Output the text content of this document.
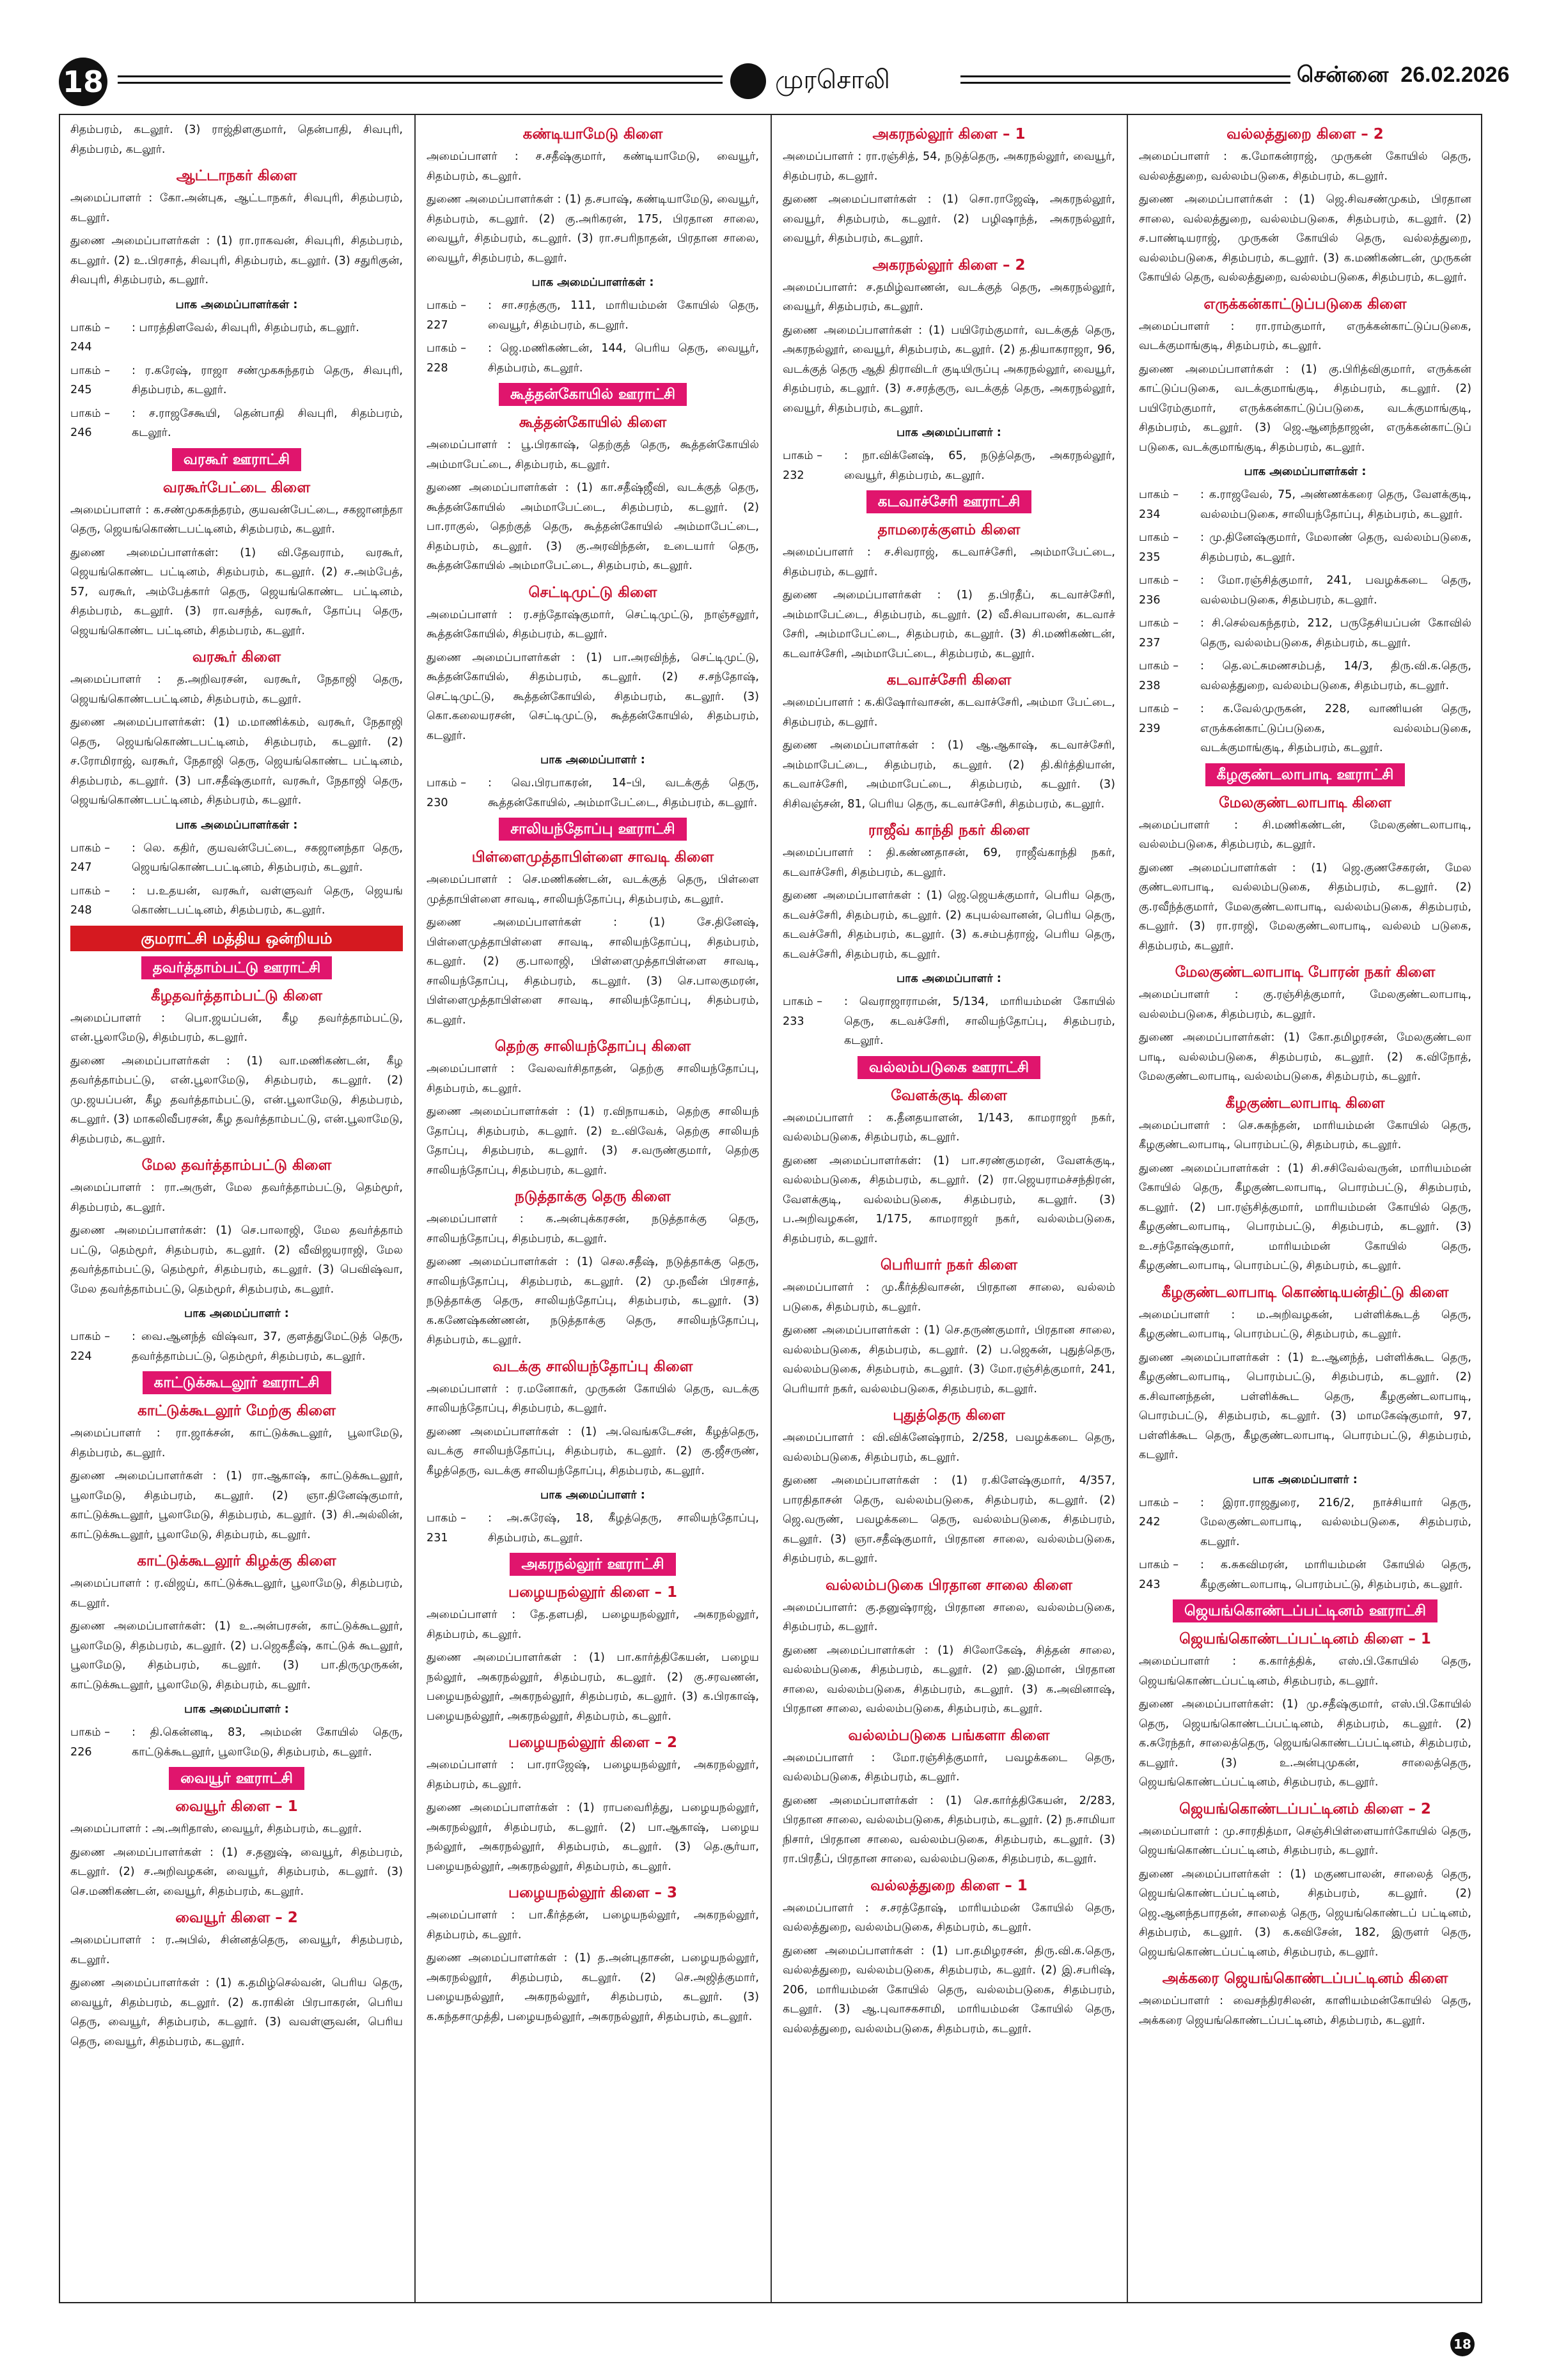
18	முரசொலி	சென்னை 26.02.2026

சிதம்பரம், கடலூர். (3) ராஜ்திளகுமார், தென்பாதி, சிவபுரி, சிதம்பரம், கடலூர்.

ஆட்டாநகர் கிளை

அமைப்பாளர் : கோ.அன்புக, ஆட்டாநகர், சிவபுரி, சிதம்பரம், கடலூர்.

துணை அமைப்பாளர்கள் : (1) ரா.ராகவன், சிவபுரி, சிதம்பரம், கடலூர். (2) உ.பிரசாத், சிவபுரி, சிதம்பரம், கடலூர். (3) சதுரிகுன், சிவபுரி, சிதம்பரம், கடலூர்.

பாக அமைப்பாளர்கள் :
பாகம் – 244
: பாரத்திளவேல், சிவபுரி, சிதம்பரம், கடலூர்.
பாகம் – 245
: ர.கரேஷ், ராஜா சண்முகசுந்தரம் தெரு, சிவபுரி, சிதம்பரம், கடலூர்.
பாகம் – 246
: ச.ராஜசேகூயி, தென்பாதி சிவபுரி, சிதம்பரம், கடலூர்.
வரகூர் ஊராட்சி
வரகூர்பேட்டை கிளை

அமைப்பாளர் : க.சண்முகசுந்தரம், குயவன்பேட்டை, சகஜானந்தா தெரு, ஜெயங்கொண்டபட்டினம், சிதம்பரம், கடலூர்.

துணை அமைப்பாளர்கள்: (1) வி.தேவராம், வரகூர், ஜெயங்கொண்ட பட்டினம், சிதம்பரம், கடலூர். (2) ச.அம்பேத், 57, வரகூர், அம்பேத்கார் தெரு, ஜெயங்கொண்ட பட்டினம், சிதம்பரம், கடலூர். (3) ரா.வசந்த், வரகூர், தோப்பு தெரு, ஜெயங்கொண்ட பட்டினம், சிதம்பரம், கடலூர்.

வரகூர் கிளை

அமைப்பாளர் : த.அறிவரசன், வரகூர், நேதாஜி தெரு, ஜெயங்கொண்டபட்டினம், சிதம்பரம், கடலூர்.

துணை அமைப்பாளர்கள்: (1) ம.மாணிக்கம், வரகூர், நேதாஜி தெரு, ஜெயங்கொண்டபட்டினம், சிதம்பரம், கடலூர். (2) ச.ரோமிராஜ், வரகூர், நேதாஜி தெரு, ஜெயங்கொண்ட பட்டினம், சிதம்பரம், கடலூர். (3) பா.சதீஷ்குமார், வரகூர், நேதாஜி தெரு, ஜெயங்கொண்டபட்டினம், சிதம்பரம், கடலூர்.

பாக அமைப்பாளர்கள் :
பாகம் – 247
: லெ. கதிர், குயவன்பேட்டை, சகஜானந்தா தெரு, ஜெயங்கொண்டபட்டினம், சிதம்பரம், கடலூர்.
பாகம் – 248
: ப.உதயன், வரகூர், வள்ளுவர் தெரு, ஜெயங் கொண்டபட்டினம், சிதம்பரம், கடலூர்.
குமராட்சி மத்திய ஒன்றியம்
தவர்த்தாம்பட்டு ஊராட்சி
கீழதவர்த்தாம்பட்டு கிளை

அமைப்பாளர் : பொ.ஜயப்பன், கீழ தவர்த்தாம்பட்டு, என்.பூலாமேடு, சிதம்பரம், கடலூர்.

துணை அமைப்பாளர்கள் : (1) வா.மணிகண்டன், கீழ தவர்த்தாம்பட்டு, என்.பூலாமேடு, சிதம்பரம், கடலூர். (2) மு.ஜயப்பன், கீழ தவர்த்தாம்பட்டு, என்.பூலாமேடு, சிதம்பரம், கடலூர். (3) மாகலிவீபரசன், கீழ தவர்த்தாம்பட்டு, என்.பூலாமேடு, சிதம்பரம், கடலூர்.

மேல தவர்த்தாம்பட்டு கிளை

அமைப்பாளர் : ரா.அருள், மேல தவர்த்தாம்பட்டு, தெம்மூர், சிதம்பரம், கடலூர்.

துணை அமைப்பாளர்கள்: (1) செ.பாலாஜி, மேல தவர்த்தாம் பட்டு, தெம்மூர், சிதம்பரம், கடலூர். (2) வீவிஜயராஜி, மேல தவர்த்தாம்பட்டு, தெம்மூர், சிதம்பரம், கடலூர். (3) பெவிஷ்வா, மேல தவர்த்தாம்பட்டு, தெம்மூர், சிதம்பரம், கடலூர்.

பாக அமைப்பாளர் :
பாகம் – 224
: வை.ஆனந்த் விஷ்வா, 37, குளத்துமேட்டுத் தெரு, தவர்த்தாம்பட்டு, தெம்மூர், சிதம்பரம், கடலூர்.
காட்டுக்கூடலூர் ஊராட்சி
காட்டுக்கூடலூர் மேற்கு கிளை

அமைப்பாளர் : ரா.ஜாக்சன், காட்டுக்கூடலூர், பூலாமேடு, சிதம்பரம், கடலூர்.

துணை அமைப்பாளர்கள் : (1) ரா.ஆகாஷ், காட்டுக்கூடலூர், பூலாமேடு, சிதம்பரம், கடலூர். (2) ஞா.தினேஷ்குமார், காட்டுக்கூடலூர், பூலாமேடு, சிதம்பரம், கடலூர். (3) சி.அல்லின், காட்டுக்கூடலூர், பூலாமேடு, சிதம்பரம், கடலூர்.

காட்டுக்கூடலூர் கிழக்கு கிளை

அமைப்பாளர் : ர.விஜய், காட்டுக்கூடலூர், பூலாமேடு, சிதம்பரம், கடலூர்.

துணை அமைப்பாளர்கள்: (1) உ.அன்பரசன், காட்டுக்கூடலூர், பூலாமேடு, சிதம்பரம், கடலூர். (2) ப.ஜெகதீஷ், காட்டுக் கூடலூர், பூலாமேடு, சிதம்பரம், கடலூர். (3) பா.திருமுருகன், காட்டுக்கூடலூர், பூலாமேடு, சிதம்பரம், கடலூர்.

பாக அமைப்பாளர் :
பாகம் – 226
: தி.கென்னடி, 83, அம்மன் கோயில் தெரு, காட்டுக்கூடலூர், பூலாமேடு, சிதம்பரம், கடலூர்.
வையூர் ஊராட்சி
வையூர் கிளை – 1

அமைப்பாளர் : அ.அரிதாஸ், வையூர், சிதம்பரம், கடலூர்.

துணை அமைப்பாளர்கள் : (1) ச.தனுஷ், வையூர், சிதம்பரம், கடலூர். (2) ச.அறிவழகன், வையூர், சிதம்பரம், கடலூர். (3) செ.மணிகண்டன், வையூர், சிதம்பரம், கடலூர்.

வையூர் கிளை – 2

அமைப்பாளர் : ர.அபில், சின்னத்தெரு, வையூர், சிதம்பரம், கடலூர்.

துணை அமைப்பாளர்கள் : (1) க.தமிழ்செல்வன், பெரிய தெரு, வையூர், சிதம்பரம், கடலூர். (2) க.ராகின் பிரபாகரன், பெரிய தெரு, வையூர், சிதம்பரம், கடலூர். (3) வவள்ளுவன், பெரிய தெரு, வையூர், சிதம்பரம், கடலூர்.

கண்டியாமேடு கிளை

அமைப்பாளர் : ச.சதீஷ்குமார், கண்டியாமேடு, வையூர், சிதம்பரம், கடலூர்.

துணை அமைப்பாளர்கள் : (1) த.சபாஷ், கண்டியாமேடு, வையூர், சிதம்பரம், கடலூர். (2) கு.அரிகரன், 175, பிரதான சாலை, வையூர், சிதம்பரம், கடலூர். (3) ரா.சபரிநாதன், பிரதான சாலை, வையூர், சிதம்பரம், கடலூர்.

பாக அமைப்பாளர்கள் :
பாகம் – 227
: சா.சரத்குரு, 111, மாரியம்மன் கோயில் தெரு, வையூர், சிதம்பரம், கடலூர்.
பாகம் – 228
: ஜெ.மணிகண்டன், 144, பெரிய தெரு, வையூர், சிதம்பரம், கடலூர்.
கூத்தன்கோயில் ஊராட்சி
கூத்தன்கோயில் கிளை

அமைப்பாளர் : பூ.பிரகாஷ், தெற்குத் தெரு, கூத்தன்கோயில் அம்மாபேட்டை, சிதம்பரம், கடலூர்.

துணை அமைப்பாளர்கள் : (1) கா.சதீஷ்ஜீவி, வடக்குத் தெரு, கூத்தன்கோயில் அம்மாபேட்டை, சிதம்பரம், கடலூர். (2) பா.ராகுல், தெற்குத் தெரு, கூத்தன்கோயில் அம்மாபேட்டை, சிதம்பரம், கடலூர். (3) கு.அரவிந்தன், உடையார் தெரு, கூத்தன்கோயில் அம்மாபேட்டை, சிதம்பரம், கடலூர்.

செட்டிமுட்டு கிளை

அமைப்பாளர் : ர.சந்தோஷ்குமார், செட்டிமுட்டு, நாஞ்சலூர், கூத்தன்கோயில், சிதம்பரம், கடலூர்.

துணை அமைப்பாளர்கள் : (1) பா.அரவிந்த், செட்டிமுட்டு, கூத்தன்கோயில், சிதம்பரம், கடலூர். (2) ச.சந்தோஷ், செட்டிமுட்டு, கூத்தன்கோயில், சிதம்பரம், கடலூர். (3) கொ.கலையரசன், செட்டிமுட்டு, கூத்தன்கோயில், சிதம்பரம், கடலூர்.

பாக அமைப்பாளர் :
பாகம் – 230
: வெ.பிரபாகரன், 14–பி, வடக்குத் தெரு, கூத்தன்கோயில், அம்மாபேட்டை, சிதம்பரம், கடலூர்.
சாலியந்தோப்பு ஊராட்சி
பிள்ளைமுத்தாபிள்ளை சாவடி கிளை

அமைப்பாளர் : செ.மணிகண்டன், வடக்குத் தெரு, பிள்ளை முத்தாபிள்ளை சாவடி, சாலியந்தோப்பு, சிதம்பரம், கடலூர்.

துணை அமைப்பாளர்கள் : (1) சே.தினேஷ், பிள்ளைமுத்தாபிள்ளை சாவடி, சாலியந்தோப்பு, சிதம்பரம், கடலூர். (2) கு.பாலாஜி, பிள்ளைமுத்தாபிள்ளை சாவடி, சாலியந்தோப்பு, சிதம்பரம், கடலூர். (3) செ.பாலகுமரன், பிள்ளைமுத்தாபிள்ளை சாவடி, சாலியந்தோப்பு, சிதம்பரம், கடலூர்.

தெற்கு சாலியந்தோப்பு கிளை

அமைப்பாளர் : வேலவர்சிதாதன், தெற்கு சாலியந்தோப்பு, சிதம்பரம், கடலூர்.

துணை அமைப்பாளர்கள் : (1) ர.விநாயகம், தெற்கு சாலியந் தோப்பு, சிதம்பரம், கடலூர். (2) உ.விவேக், தெற்கு சாலியந் தோப்பு, சிதம்பரம், கடலூர். (3) ச.வருண்குமார், தெற்கு சாலியந்தோப்பு, சிதம்பரம், கடலூர்.

நடுத்தாக்கு தெரு கிளை

அமைப்பாளர் : க.அன்புக்கரசன், நடுத்தாக்கு தெரு, சாலியந்தோப்பு, சிதம்பரம், கடலூர்.

துணை அமைப்பாளர்கள் : (1) செல.சதீஷ், நடுத்தாக்கு தெரு, சாலியந்தோப்பு, சிதம்பரம், கடலூர். (2) மு.நவீன் பிரசாத், நடுத்தாக்கு தெரு, சாலியந்தோப்பு, சிதம்பரம், கடலூர். (3) க.கணேஷ்கண்ணன், நடுத்தாக்கு தெரு, சாலியந்தோப்பு, சிதம்பரம், கடலூர்.

வடக்கு சாலியந்தோப்பு கிளை

அமைப்பாளர் : ர.மனோகர், முருகன் கோயில் தெரு, வடக்கு சாலியந்தோப்பு, சிதம்பரம், கடலூர்.

துணை அமைப்பாளர்கள் : (1) அ.வெங்கடேசன், கீழத்தெரு, வடக்கு சாலியந்தோப்பு, சிதம்பரம், கடலூர். (2) கு.ஜீசருண், கீழத்தெரு, வடக்கு சாலியந்தோப்பு, சிதம்பரம், கடலூர்.

பாக அமைப்பாளர் :
பாகம் – 231
: அ.சுரேஷ், 18, கீழத்தெரு, சாலியந்தோப்பு, சிதம்பரம், கடலூர்.
அகரநல்லூர் ஊராட்சி
பழையநல்லூர் கிளை – 1

அமைப்பாளர் : தே.தளபதி, பழையநல்லூர், அகரநல்லூர், சிதம்பரம், கடலூர்.

துணை அமைப்பாளர்கள் : (1) பா.கார்த்திகேயன், பழைய நல்லூர், அகரநல்லூர், சிதம்பரம், கடலூர். (2) கு.சரவணன், பழையநல்லூர், அகரநல்லூர், சிதம்பரம், கடலூர். (3) க.பிரகாஷ், பழையநல்லூர், அகரநல்லூர், சிதம்பரம், கடலூர்.

பழையநல்லூர் கிளை – 2

அமைப்பாளர் : பா.ராஜேஷ், பழையநல்லூர், அகரநல்லூர், சிதம்பரம், கடலூர்.

துணை அமைப்பாளர்கள் : (1) ராபவைரித்து, பழையநல்லூர், அகரநல்லூர், சிதம்பரம், கடலூர். (2) பா.ஆகாஷ், பழைய நல்லூர், அகரநல்லூர், சிதம்பரம், கடலூர். (3) தெ.சூர்யா, பழையநல்லூர், அகரநல்லூர், சிதம்பரம், கடலூர்.

பழையநல்லூர் கிளை – 3

அமைப்பாளர் : பா.கீர்த்தன், பழையநல்லூர், அகரநல்லூர், சிதம்பரம், கடலூர்.

துணை அமைப்பாளர்கள் : (1) த.அன்புதாசன், பழையநல்லூர், அகரநல்லூர், சிதம்பரம், கடலூர். (2) செ.அஜித்குமார், பழையநல்லூர், அகரநல்லூர், சிதம்பரம், கடலூர். (3) க.கந்தசாமுத்தி, பழையநல்லூர், அகரநல்லூர், சிதம்பரம், கடலூர்.

அகரநல்லூர் கிளை – 1

அமைப்பாளர் : ரா.ரஞ்சித், 54, நடுத்தெரு, அகரநல்லூர், வையூர், சிதம்பரம், கடலூர்.

துணை அமைப்பாளர்கள் : (1) சொ.ராஜேஷ், அகரநல்லூர், வையூர், சிதம்பரம், கடலூர். (2) பழிஷாந்த், அகரநல்லூர், வையூர், சிதம்பரம், கடலூர்.

அகரநல்லூர் கிளை – 2

அமைப்பாளர்: ச.தமிழ்வாணன், வடக்குத் தெரு, அகரநல்லூர், வையூர், சிதம்பரம், கடலூர்.

துணை அமைப்பாளர்கள் : (1) பயிரேம்குமார், வடக்குத் தெரு, அகரநல்லூர், வையூர், சிதம்பரம், கடலூர். (2) த.தியாகராஜா, 96, வடக்குத் தெரு ஆதி திராவிடர் குடியிருப்பு அகரநல்லூர், வையூர், சிதம்பரம், கடலூர். (3) ச.சரத்குரு, வடக்குத் தெரு, அகரநல்லூர், வையூர், சிதம்பரம், கடலூர்.

பாக அமைப்பாளர் :
பாகம் – 232
: நா.விக்னேஷ், 65, நடுத்தெரு, அகரநல்லூர், வையூர், சிதம்பரம், கடலூர்.
கடவாச்சேரி ஊராட்சி
தாமரைக்குளம் கிளை

அமைப்பாளர் : ச.சிவராஜ், கடவாச்சேரி, அம்மாபேட்டை, சிதம்பரம், கடலூர்.

துணை அமைப்பாளர்கள் : (1) த.பிரதீப், கடவாச்சேரி, அம்மாபேட்டை, சிதம்பரம், கடலூர். (2) வீ.சிவபாலன், கடவாச் சேரி, அம்மாபேட்டை, சிதம்பரம், கடலூர். (3) சி.மணிகண்டன், கடவாச்சேரி, அம்மாபேட்டை, சிதம்பரம், கடலூர்.

கடவாச்சேரி கிளை

அமைப்பாளர் : க.கிஷோர்வாசன், கடவாச்சேரி, அம்மா பேட்டை, சிதம்பரம், கடலூர்.

துணை அமைப்பாளர்கள் : (1) ஆ.ஆகாஷ், கடவாச்சேரி, அம்மாபேட்டை, சிதம்பரம், கடலூர். (2) தி.கிர்த்தியான், கடவாச்சேரி, அம்மாபேட்டை, சிதம்பரம், கடலூர். (3) சிசிவஞ்சன், 81, பெரிய தெரு, கடவாச்சேரி, சிதம்பரம், கடலூர்.

ராஜீவ் காந்தி நகர் கிளை

அமைப்பாளர் : தி.கண்ணதாசன், 69, ராஜீவ்காந்தி நகர், கடவாச்சேரி, சிதம்பரம், கடலூர்.

துணை அமைப்பாளர்கள் : (1) ஜெ.ஜெயக்குமார், பெரிய தெரு, கடவச்சேரி, சிதம்பரம், கடலூர். (2) கபுயல்வானன், பெரிய தெரு, கடவச்சேரி, சிதம்பரம், கடலூர். (3) க.சம்பத்ராஜ், பெரிய தெரு, கடவச்சேரி, சிதம்பரம், கடலூர்.

பாக அமைப்பாளர் :
பாகம் – 233
: வெராஜாராமன், 5/134, மாரியம்மன் கோயில் தெரு, கடவச்சேரி, சாலியந்தோப்பு, சிதம்பரம், கடலூர்.
வல்லம்படுகை ஊராட்சி
வேளக்குடி கிளை

அமைப்பாளர் : க.தீனதயாளன், 1/143, காமராஜர் நகர், வல்லம்படுகை, சிதம்பரம், கடலூர்.

துணை அமைப்பாளர்கள்: (1) பா.சரண்குமரன், வேளக்குடி, வல்லம்படுகை, சிதம்பரம், கடலூர். (2) ரா.ஜெயராமச்சந்திரன், வேளக்குடி, வல்லம்படுகை, சிதம்பரம், கடலூர். (3) ப.அறிவழகன், 1/175, காமராஜர் நகர், வல்லம்படுகை, சிதம்பரம், கடலூர்.

பெரியார் நகர் கிளை

அமைப்பாளர் : மு.கீர்த்திவாசன், பிரதான சாலை, வல்லம் படுகை, சிதம்பரம், கடலூர்.

துணை அமைப்பாளர்கள் : (1) செ.தருண்குமார், பிரதான சாலை, வல்லம்படுகை, சிதம்பரம், கடலூர். (2) ப.ஜெகன், புதுத்தெரு, வல்லம்படுகை, சிதம்பரம், கடலூர். (3) மோ.ரஞ்சித்குமார், 241, பெரியார் நகர், வல்லம்படுகை, சிதம்பரம், கடலூர்.

புதுத்தெரு கிளை

அமைப்பாளர் : வி.விக்னேஷ்ராம், 2/258, பவழக்கடை தெரு, வல்லம்படுகை, சிதம்பரம், கடலூர்.

துணை அமைப்பாளர்கள் : (1) ர.கிளேஷ்குமார், 4/357, பாரதிதாசன் தெரு, வல்லம்படுகை, சிதம்பரம், கடலூர். (2) ஜெ.வருண், பவழக்கடை தெரு, வல்லம்படுகை, சிதம்பரம், கடலூர். (3) ஞா.சதீஷ்குமார், பிரதான சாலை, வல்லம்படுகை, சிதம்பரம், கடலூர்.

வல்லம்படுகை பிரதான சாலை கிளை

அமைப்பாளர்: கு.தனுஷ்ராஜ், பிரதான சாலை, வல்லம்படுகை, சிதம்பரம், கடலூர்.

துணை அமைப்பாளர்கள் : (1) சிலோகேஷ், சித்தன் சாலை, வல்லம்படுகை, சிதம்பரம், கடலூர். (2) ஹ.இமான், பிரதான சாலை, வல்லம்படுகை, சிதம்பரம், கடலூர். (3) க.அவினாஷ், பிரதான சாலை, வல்லம்படுகை, சிதம்பரம், கடலூர்.

வல்லம்படுகை பங்களா கிளை

அமைப்பாளர் : மோ.ரஞ்சித்குமார், பவழக்கடை தெரு, வல்லம்படுகை, சிதம்பரம், கடலூர்.

துணை அமைப்பாளர்கள் : (1) செ.கார்த்திகேயன், 2/283, பிரதான சாலை, வல்லம்படுகை, சிதம்பரம், கடலூர். (2) ந.சாமியா நிசார், பிரதான சாலை, வல்லம்படுகை, சிதம்பரம், கடலூர். (3) ரா.பிரதீப், பிரதான சாலை, வல்லம்படுகை, சிதம்பரம், கடலூர்.

வல்லத்துறை கிளை – 1

அமைப்பாளர் : ச.சரத்தோஷ், மாரியம்மன் கோயில் தெரு, வல்லத்துறை, வல்லம்படுகை, சிதம்பரம், கடலூர்.

துணை அமைப்பாளர்கள் : (1) பா.தமிழரசன், திரு.வி.க.தெரு, வல்லத்துறை, வல்லம்படுகை, சிதம்பரம், கடலூர். (2) இ.சபரிஷ், 206, மாரியம்மன் கோயில் தெரு, வல்லம்படுகை, சிதம்பரம், கடலூர். (3) ஆ.புவாசகசாமி, மாரியம்மன் கோயில் தெரு, வல்லத்துறை, வல்லம்படுகை, சிதம்பரம், கடலூர்.

வல்லத்துறை கிளை – 2

அமைப்பாளர் : க.மோகன்ராஜ், முருகன் கோயில் தெரு, வல்லத்துறை, வல்லம்படுகை, சிதம்பரம், கடலூர்.

துணை அமைப்பாளர்கள் : (1) ஜெ.சிவசண்முகம், பிரதான சாலை, வல்லத்துறை, வல்லம்படுகை, சிதம்பரம், கடலூர். (2) ச.பாண்டியராஜ், முருகன் கோயில் தெரு, வல்லத்துறை, வல்லம்படுகை, சிதம்பரம், கடலூர். (3) க.மணிகண்டன், முருகன் கோயில் தெரு, வல்லத்துறை, வல்லம்படுகை, சிதம்பரம், கடலூர்.

எருக்கன்காட்டுப்படுகை கிளை

அமைப்பாளர் : ரா.ராம்குமார், எருக்கன்காட்டுப்படுகை, வடக்குமாங்குடி, சிதம்பரம், கடலூர்.

துணை அமைப்பாளர்கள் : (1) கு.பிரித்விகுமார், எருக்கன் காட்டுப்படுகை, வடக்குமாங்குடி, சிதம்பரம், கடலூர். (2) பயிரேம்குமார், எருக்கன்காட்டுப்படுகை, வடக்குமாங்குடி, சிதம்பரம், கடலூர். (3) ஜெ.ஆனந்தாஜன், எருக்கன்காட்டுப் படுகை, வடக்குமாங்குடி, சிதம்பரம், கடலூர்.

பாக அமைப்பாளர்கள் :
பாகம் – 234
: க.ராஜவேல், 75, அண்ணக்கரை தெரு, வேளக்குடி, வல்லம்படுகை, சாலியந்தோப்பு, சிதம்பரம், கடலூர்.
பாகம் – 235
: மு.தினேஷ்குமார், மேலாண் தெரு, வல்லம்படுகை, சிதம்பரம், கடலூர்.
பாகம் – 236
: மோ.ரஞ்சித்குமார், 241, பவழக்கடை தெரு, வல்லம்படுகை, சிதம்பரம், கடலூர்.
பாகம் – 237
: சி.செல்வகந்தரம், 212, பருதேசியப்பன் கோவில் தெரு, வல்லம்படுகை, சிதம்பரம், கடலூர்.
பாகம் – 238
: தெ.லட்சுமணசம்பத், 14/3, திரு.வி.க.தெரு, வல்லத்துறை, வல்லம்படுகை, சிதம்பரம், கடலூர்.
பாகம் – 239
: க.வேல்முருகன், 228, வாணியன் தெரு, எருக்கன்காட்டுப்படுகை, வல்லம்படுகை, வடக்குமாங்குடி, சிதம்பரம், கடலூர்.
கீழகுண்டலாபாடி ஊராட்சி
மேலகுண்டலாபாடி கிளை

அமைப்பாளர் : சி.மணிகண்டன், மேலகுண்டலாபாடி, வல்லம்படுகை, சிதம்பரம், கடலூர்.

துணை அமைப்பாளர்கள் : (1) ஜெ.குணசேகரன், மேல குண்டலாபாடி, வல்லம்படுகை, சிதம்பரம், கடலூர். (2) கு.ரவீந்த்குமார், மேலகுண்டலாபாடி, வல்லம்படுகை, சிதம்பரம், கடலூர். (3) ரா.ராஜி, மேலகுண்டலாபாடி, வல்லம் படுகை, சிதம்பரம், கடலூர்.

மேலகுண்டலாபாடி போரன் நகர் கிளை

அமைப்பாளர் : கு.ரஞ்சித்குமார், மேலகுண்டலாபாடி, வல்லம்படுகை, சிதம்பரம், கடலூர்.

துணை அமைப்பாளர்கள்: (1) கோ.தமிழரசன், மேலகுண்டலா பாடி, வல்லம்படுகை, சிதம்பரம், கடலூர். (2) க.விநோத், மேலகுண்டலாபாடி, வல்லம்படுகை, சிதம்பரம், கடலூர்.

கீழகுண்டலாபாடி கிளை

அமைப்பாளர் : செ.சுகந்தன், மாரியம்மன் கோயில் தெரு, கீழகுண்டலாபாடி, பொரம்பட்டு, சிதம்பரம், கடலூர்.

துணை அமைப்பாளர்கள் : (1) சி.சசிவேல்வருன், மாரியம்மன் கோயில் தெரு, கீழகுண்டலாபாடி, பொரம்பட்டு, சிதம்பரம், கடலூர். (2) பா.ரஞ்சித்குமார், மாரியம்மன் கோயில் தெரு, கீழகுண்டலாபாடி, பொரம்பட்டு, சிதம்பரம், கடலூர். (3) உ.சந்தோஷ்குமார், மாரியம்மன் கோயில் தெரு, கீழகுண்டலாபாடி, பொரம்பட்டு, சிதம்பரம், கடலூர்.

கீழகுண்டலாபாடி கொண்டியன்திட்டு கிளை

அமைப்பாளர் : ம.அறிவழகன், பள்ளிக்கூடத் தெரு, கீழகுண்டலாபாடி, பொரம்பட்டு, சிதம்பரம், கடலூர்.

துணை அமைப்பாளர்கள் : (1) உ.ஆனந்த், பள்ளிக்கூட தெரு, கீழகுண்டலாபாடி, பொரம்பட்டு, சிதம்பரம், கடலூர். (2) க.சிவானந்தன், பள்ளிக்கூட தெரு, கீழகுண்டலாபாடி, பொரம்பட்டு, சிதம்பரம், கடலூர். (3) மாமகேஷ்குமார், 97, பள்ளிக்கூட தெரு, கீழகுண்டலாபாடி, பொரம்பட்டு, சிதம்பரம், கடலூர்.

பாக அமைப்பாளர் :
பாகம் – 242
: இரா.ராஜதுரை, 216/2, நாச்சியார் தெரு, மேலகுண்டலாபாடி, வல்லம்படுகை, சிதம்பரம், கடலூர்.
பாகம் – 243
: க.சுகவிமரன், மாரியம்மன் கோயில் தெரு, கீழகுண்டலாபாடி, பொரம்பட்டு, சிதம்பரம், கடலூர்.
ஜெயங்கொண்டப்பட்டினம் ஊராட்சி
ஜெயங்கொண்டப்பட்டினம் கிளை – 1

அமைப்பாளர் : க.கார்த்திக், எஸ்.பி.கோயில் தெரு, ஜெயங்கொண்டப்பட்டினம், சிதம்பரம், கடலூர்.

துணை அமைப்பாளர்கள்: (1) மு.சதீஷ்குமார், எஸ்.பி.கோயில் தெரு, ஜெயங்கொண்டப்பட்டினம், சிதம்பரம், கடலூர். (2) க.சுரேந்தர், சாலைத்தெரு, ஜெயங்கொண்டப்பட்டினம், சிதம்பரம், கடலூர். (3) உ.அன்புமுகன், சாலைத்தெரு, ஜெயங்கொண்டப்பட்டினம், சிதம்பரம், கடலூர்.

ஜெயங்கொண்டப்பட்டினம் கிளை – 2

அமைப்பாளர் : மு.சாரதித்மா, செஞ்சிபிள்ளையார்கோயில் தெரு, ஜெயங்கொண்டப்பட்டினம், சிதம்பரம், கடலூர்.

துணை அமைப்பாளர்கள் : (1) மகுணபாலன், சாலைத் தெரு, ஜெயங்கொண்டப்பட்டினம், சிதம்பரம், கடலூர். (2) ஜெ.ஆனந்தபாரதன், சாலைத் தெரு, ஜெயங்கொண்டப் பட்டினம், சிதம்பரம், கடலூர். (3) க.கவிசேன், 182, இருளர் தெரு, ஜெயங்கொண்டப்பட்டினம், சிதம்பரம், கடலூர்.

அக்கரை ஜெயங்கொண்டப்பட்டினம் கிளை

அமைப்பாளர் : வைசந்திரசிலன், காளியம்மன்கோயில் தெரு, அக்கரை ஜெயங்கொண்டப்பட்டினம், சிதம்பரம், கடலூர்.

18
